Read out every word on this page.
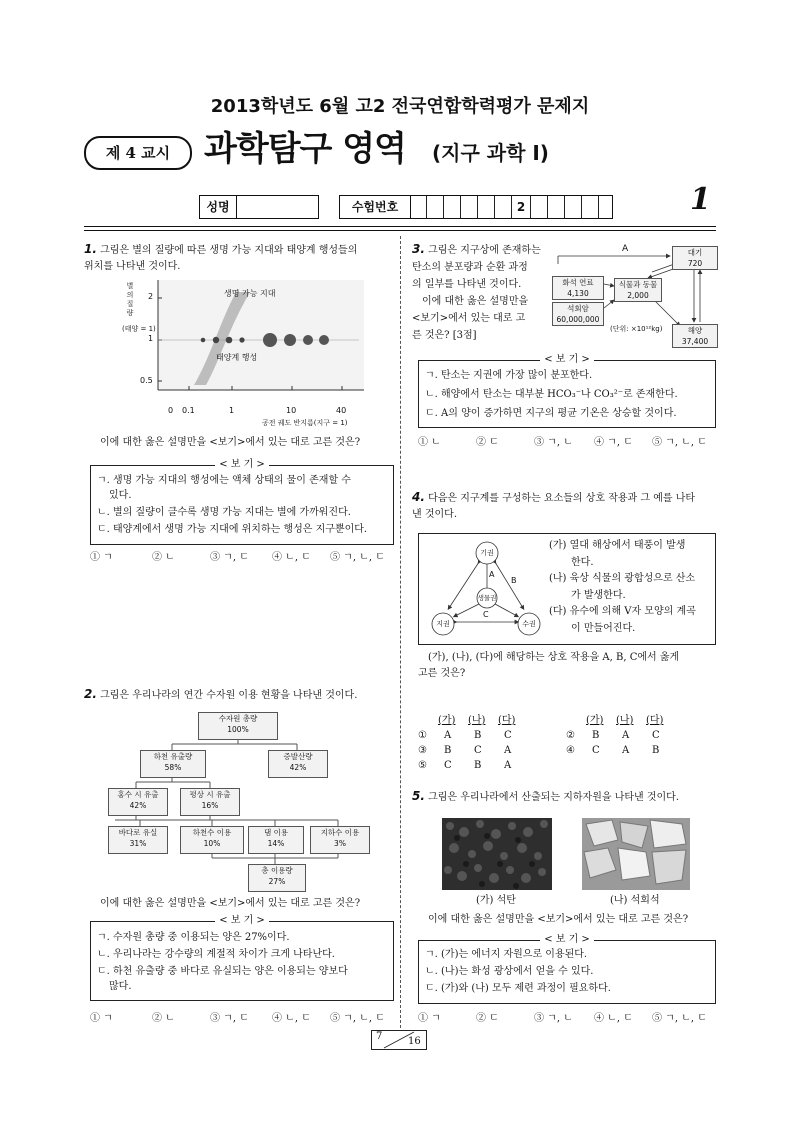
2013학년도 6월 고2 전국연합학력평가 문제지
제 4 교시 과학탐구 영역 (지구 과학 Ⅰ)
성명	수험번호	2	1
1. 그림은 별의 질량에 따른 생명 가능 지대와 태양계 행성들의
위치를 나타낸 것이다.
별
의
질
량
(태양 = 1)
2
1
0.5
0 0.1	1	10	40
공전 궤도 반지름(지구 = 1)
생명 가능 지대
태양계 행성
이에 대한 옳은 설명만을 <보기>에서 있는 대로 고른 것은?
< 보 기 >
ㄱ. 생명 가능 지대의 행성에는 액체 상태의 물이 존재할 수
있다.
ㄴ. 별의 질량이 클수록 생명 가능 지대는 별에 가까워진다.
ㄷ. 태양계에서 생명 가능 지대에 위치하는 행성은 지구뿐이다.
① ㄱ	② ㄴ	③ ㄱ, ㄷ ④ ㄴ, ㄷ ⑤ ㄱ, ㄴ, ㄷ
2. 그림은 우리나라의 연간 수자원 이용 현황을 나타낸 것이다.
수자원 총량
100%
하천 유출량
58%
증발산량
42%
홍수 시 유출
42%
평상 시 유출
16%
바다로 유실
31%
하천수 이용
10%
댐 이용
14%
지하수 이용
3%
총 이용량
27%
이에 대한 옳은 설명만을 <보기>에서 있는 대로 고른 것은?
< 보 기 >
ㄱ. 수자원 총량 중 이용되는 양은 27%이다.
ㄴ. 우리나라는 강수량의 계절적 차이가 크게 나타난다.
ㄷ. 하천 유출량 중 바다로 유실되는 양은 이용되는 양보다
많다.
① ㄱ	② ㄴ	③ ㄱ, ㄷ ④ ㄴ, ㄷ ⑤ ㄱ, ㄴ, ㄷ
3. 그림은 지구상에 존재하는
탄소의 분포량과 순환 과정
의 일부를 나타낸 것이다.
이에 대한 옳은 설명만을
<보기>에서 있는 대로 고
른 것은? [3점]
A	대기
720
화석 연료
4,130
식물과 동물
2,000
석회암
60,000,000
해양
37,400
(단위: ×10¹²kg)
< 보 기 >
ㄱ. 탄소는 지권에 가장 많이 분포한다.
ㄴ. 해양에서 탄소는 대부분 HCO₃⁻나 CO₃²⁻로 존재한다.
ㄷ. A의 양이 증가하면 지구의 평균 기온은 상승할 것이다.
① ㄴ	② ㄷ	③ ㄱ, ㄴ ④ ㄱ, ㄷ ⑤ ㄱ, ㄴ, ㄷ
4. 다음은 지구계를 구성하는 요소들의 상호 작용과 그 예를 나타
낸 것이다.
기권
생물권
지권	수권
A
B
C
(가) 열대 해상에서 태풍이 발생
한다.
(나) 육상 식물의 광합성으로 산소
가 발생한다.
(다) 유수에 의해 V자 모양의 계곡
이 만들어진다.
(가), (나), (다)에 해당하는 상호 작용을 A, B, C에서 옳게
고른 것은?
(가) (나) (다)	(가) (나) (다)
① A B C	② B A C
③ B C A	④ C A B
⑤ C B A
5. 그림은 우리나라에서 산출되는 지하자원을 나타낸 것이다.
(가) 석탄	(나) 석회석
이에 대한 옳은 설명만을 <보기>에서 있는 대로 고른 것은?
< 보 기 >
ㄱ. (가)는 에너지 자원으로 이용된다.
ㄴ. (나)는 화성 광상에서 얻을 수 있다.
ㄷ. (가)와 (나) 모두 제련 과정이 필요하다.
① ㄱ	② ㄷ	③ ㄱ, ㄴ ④ ㄴ, ㄷ ⑤ ㄱ, ㄴ, ㄷ
7	16
